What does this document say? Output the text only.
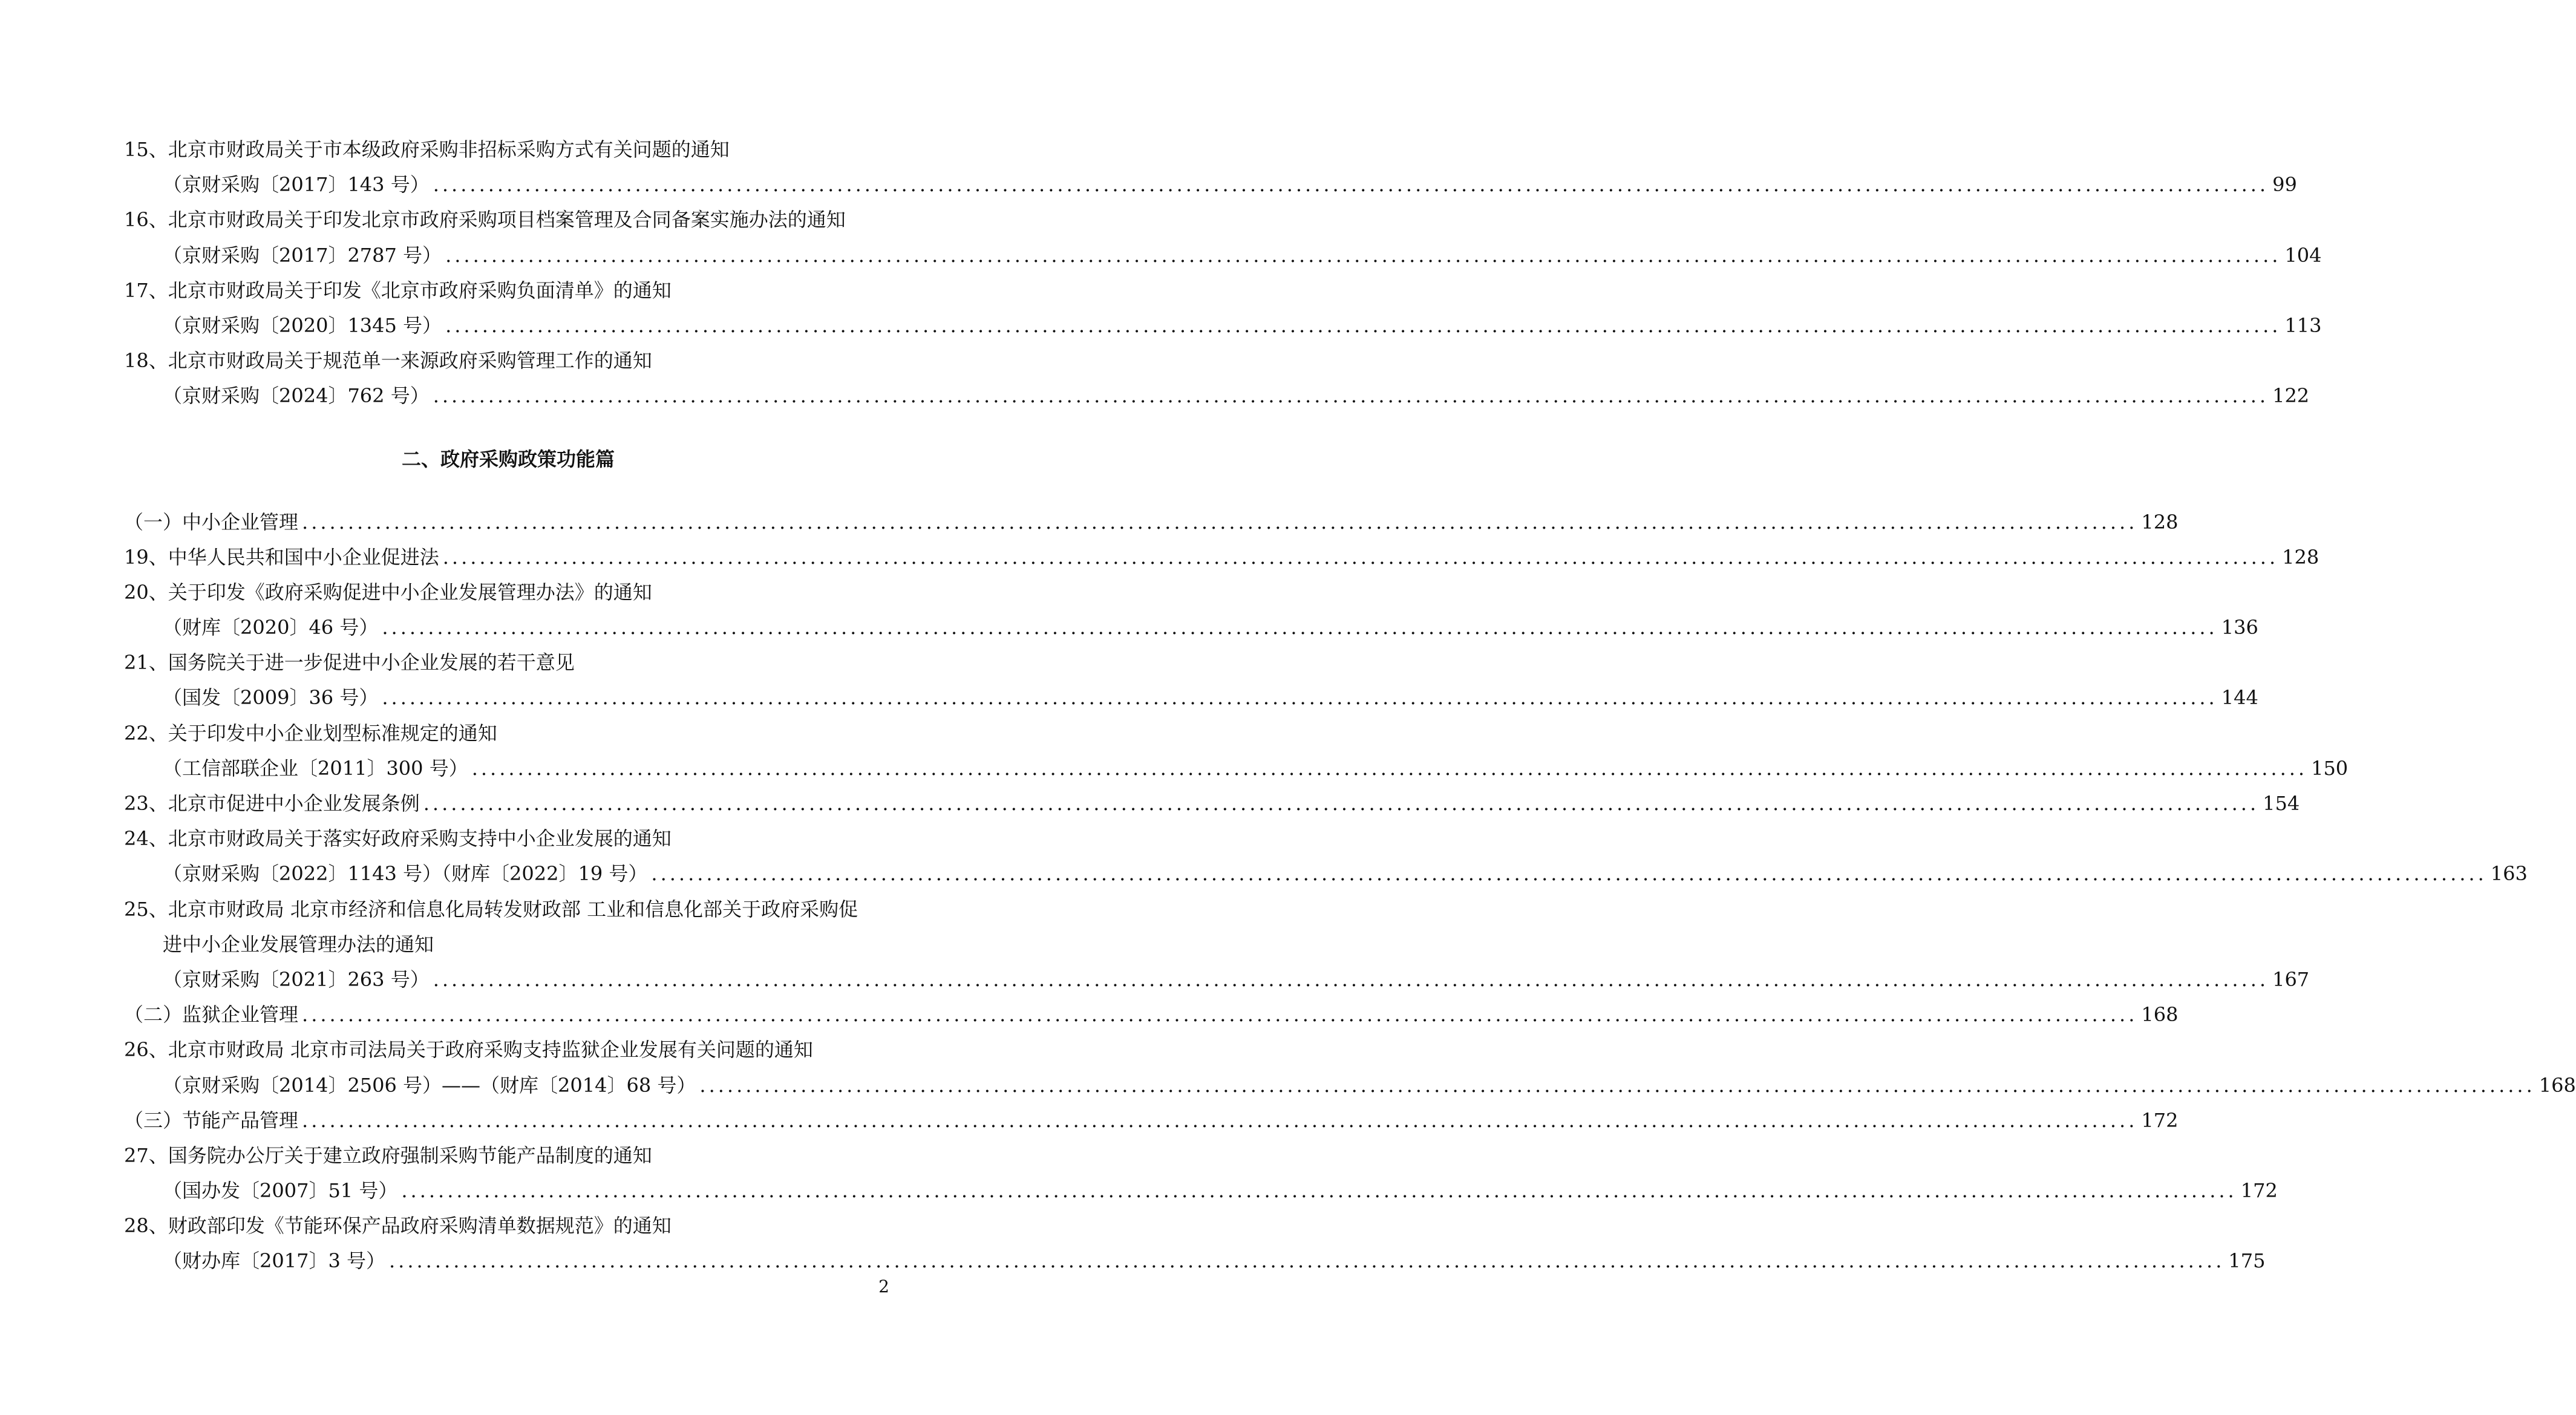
15、北京市财政局关于市本级政府采购非招标采购方式有关问题的通知
（京财采购〔2017〕143 号） ........................................................................................................................................................................................................ 99
16、北京市财政局关于印发北京市政府采购项目档案管理及合同备案实施办法的通知
（京财采购〔2017〕2787 号） ........................................................................................................................................................................................................ 104
17、北京市财政局关于印发《北京市政府采购负面清单》的通知
（京财采购〔2020〕1345 号） ........................................................................................................................................................................................................ 113
18、北京市财政局关于规范单一来源政府采购管理工作的通知
（京财采购〔2024〕762 号） ........................................................................................................................................................................................................ 122
二、政府采购政策功能篇
（一）中小企业管理 ........................................................................................................................................................................................................ 128
19、中华人民共和国中小企业促进法 ........................................................................................................................................................................................................ 128
20、关于印发《政府采购促进中小企业发展管理办法》的通知
（财库〔2020〕46 号） ........................................................................................................................................................................................................ 136
21、国务院关于进一步促进中小企业发展的若干意见
（国发〔2009〕36 号） ........................................................................................................................................................................................................ 144
22、关于印发中小企业划型标准规定的通知
（工信部联企业〔2011〕300 号） ........................................................................................................................................................................................................ 150
23、北京市促进中小企业发展条例 ........................................................................................................................................................................................................ 154
24、北京市财政局关于落实好政府采购支持中小企业发展的通知
（京财采购〔2022〕1143 号）（财库〔2022〕19 号） ........................................................................................................................................................................................................ 163
25、北京市财政局 北京市经济和信息化局转发财政部 工业和信息化部关于政府采购促
进中小企业发展管理办法的通知
（京财采购〔2021〕263 号） ........................................................................................................................................................................................................ 167
（二）监狱企业管理 ........................................................................................................................................................................................................ 168
26、北京市财政局 北京市司法局关于政府采购支持监狱企业发展有关问题的通知
（京财采购〔2014〕2506 号）——（财库〔2014〕68 号） ........................................................................................................................................................................................................ 168
（三）节能产品管理 ........................................................................................................................................................................................................ 172
27、国务院办公厅关于建立政府强制采购节能产品制度的通知
（国办发〔2007〕51 号） ........................................................................................................................................................................................................ 172
28、财政部印发《节能环保产品政府采购清单数据规范》的通知
（财办库〔2017〕3 号） ........................................................................................................................................................................................................ 175
2
